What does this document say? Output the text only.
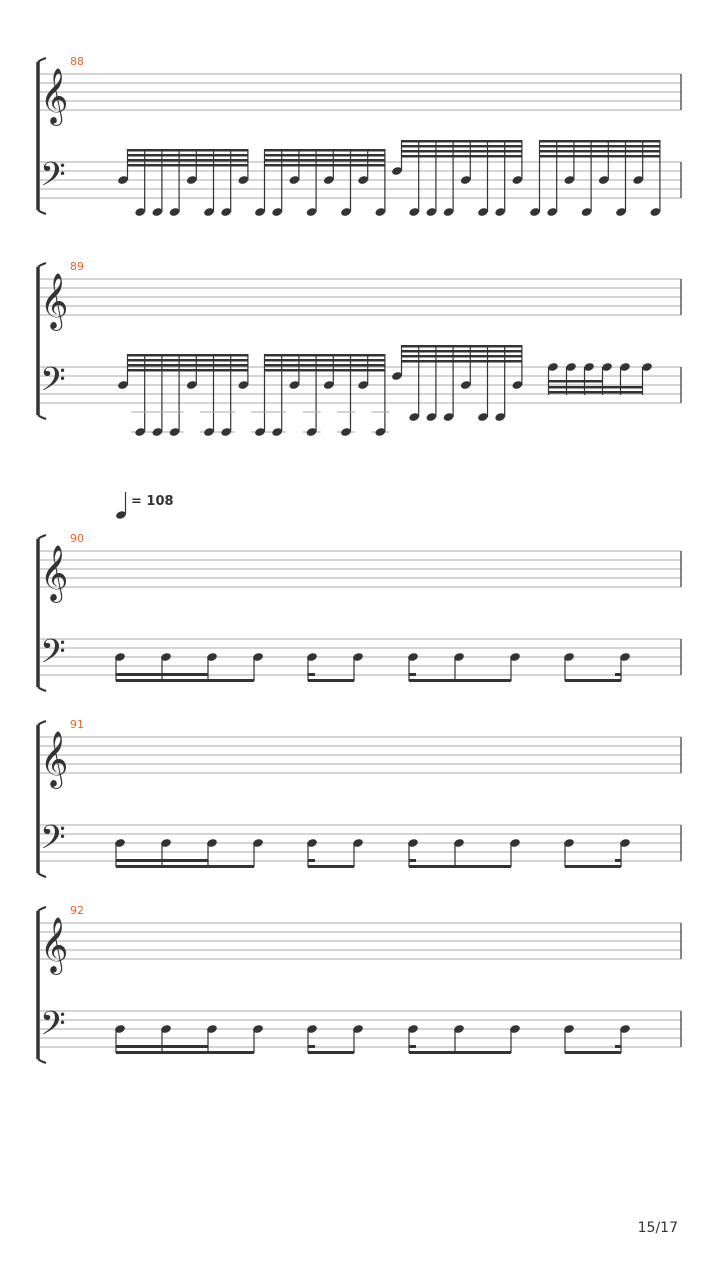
= 108
𝄞
𝄢
88
𝄞
𝄢
89
𝄞
𝄢
90
𝄞
𝄢
91
𝄞
𝄢
92
15/17
